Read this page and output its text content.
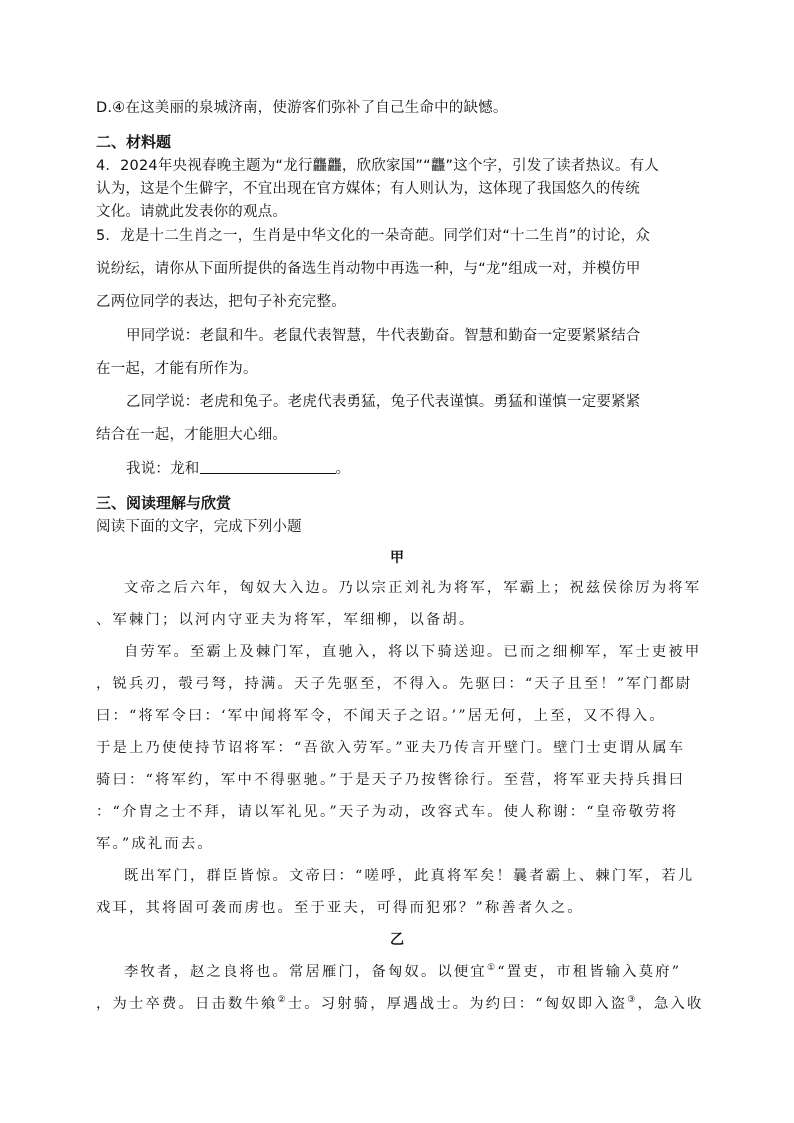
D.④在这美丽的泉城济南，使游客们弥补了自己生命中的缺憾。
二、材料题
4．2024年央视春晚主题为“龙行龘龘，欣欣家国”“龘”这个字，引发了读者热议。有人
认为，这是个生僻字，不宜出现在官方媒体；有人则认为，这体现了我国悠久的传统
文化。请就此发表你的观点。
5．龙是十二生肖之一，生肖是中华文化的一朵奇葩。同学们对“十二生肖”的讨论，众
说纷纭，请你从下面所提供的备选生肖动物中再选一种，与“龙”组成一对，并模仿甲
乙两位同学的表达，把句子补充完整。
甲同学说：老鼠和牛。老鼠代表智慧，牛代表勤奋。智慧和勤奋一定要紧紧结合
在一起，才能有所作为。
乙同学说：老虎和兔子。老虎代表勇猛，兔子代表谨慎。勇猛和谨慎一定要紧紧
结合在一起，才能胆大心细。
我说：龙和	。
三、阅读理解与欣赏
阅读下面的文字，完成下列小题
甲
文帝之后六年，匈奴大入边。乃以宗正刘礼为将军，军霸上；祝兹侯徐厉为将军
、军棘门；以河内守亚夫为将军，军细柳，以备胡。
自劳军。至霸上及棘门军，直驰入，将以下骑送迎。已而之细柳军，军士吏被甲
，锐兵刃，彀弓弩，持满。天子先驱至，不得入。先驱曰：“天子且至！”军门都尉
曰：“将军令曰：‘军中闻将军令，不闻天子之诏。’”居无何，上至，又不得入。
于是上乃使使持节诏将军：“吾欲入劳军。”亚夫乃传言开壁门。壁门士吏谓从属车
骑曰：“将军约，军中不得驱驰。”于是天子乃按辔徐行。至营，将军亚夫持兵揖曰
：“介胄之士不拜，请以军礼见。”天子为动，改容式车。使人称谢：“皇帝敬劳将
军。”成礼而去。
既出军门，群臣皆惊。文帝曰：“嗟呼，此真将军矣！曩者霸上、棘门军，若儿
戏耳，其将固可袭而虏也。至于亚夫，可得而犯邪？”称善者久之。
乙
李牧者，赵之良将也。常居雁门，备匈奴。以便宜①“置吏，市租皆输入莫府”
，为士卒费。日击数牛飨②士。习射骑，厚遇战士。为约曰：“匈奴即入盗③，急入收
